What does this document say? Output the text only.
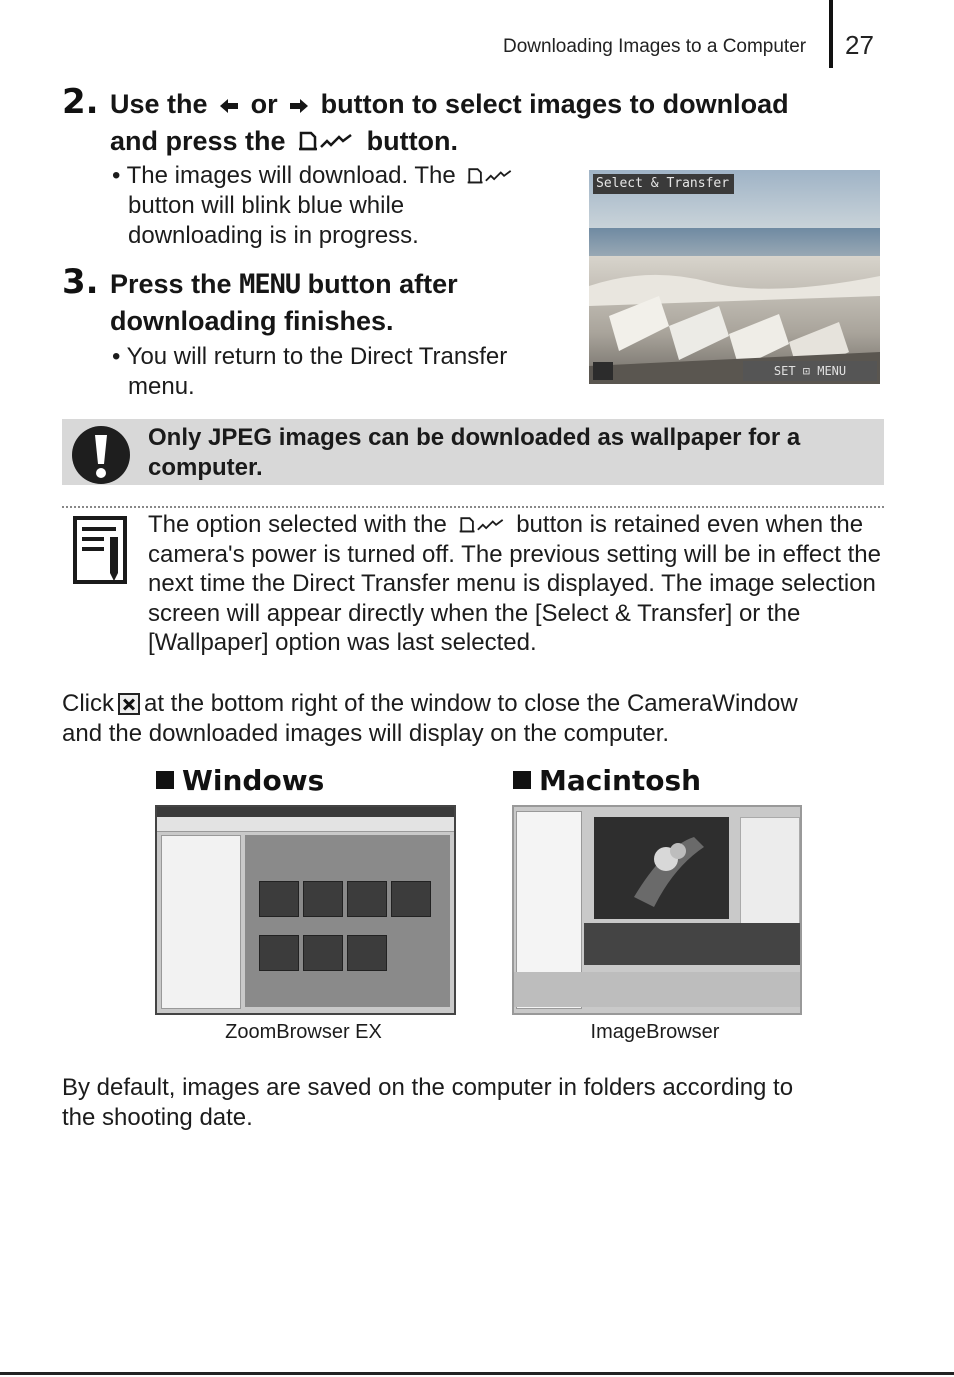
Downloading Images to a Computer 27
2. Use the or button to select images to download
and press the	button.
• The images will download. The
button will blink blue while
downloading is in progress.
3. Press the MENU button after
downloading finishes.
• You will return to the Direct Transfer
menu.
Select & Transfer
SET ⊡ MENU
Only JPEG images can be downloaded as wallpaper for a computer.
The option selected with the	button is retained even when the camera's power is turned off. The previous setting will be in effect the next time the Direct Transfer menu is displayed. The image selection screen will appear directly when the [Select & Transfer] or the [Wallpaper] option was last selected.
Click at the bottom right of the window to close the CameraWindow
and the downloaded images will display on the computer.
Windows
ZoomBrowser EX
Macintosh
ImageBrowser
By default, images are saved on the computer in folders according to
the shooting date.
